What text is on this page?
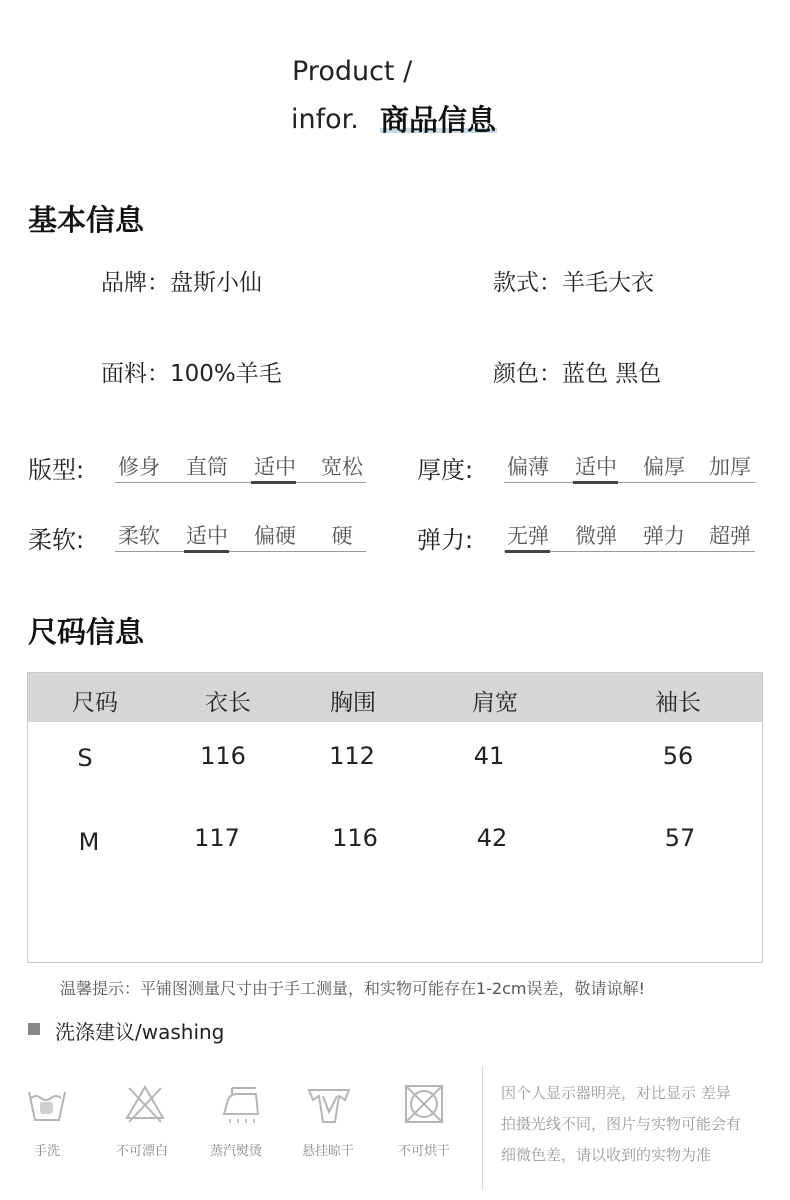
Product /
infor. 商品信息
基本信息
品牌：盘斯小仙	款式：羊毛大衣
面料：100%羊毛	颜色：蓝色 黑色
版型: 修身 直筒 适中 宽松 厚度: 偏薄 适中 偏厚 加厚
柔软: 柔软 适中 偏硬	硬	弹力: 无弹 微弹 弹力 超弹
尺码信息
尺码	衣长	胸围	肩宽	袖长
S	116	112	41	56
M	117	116	42	57
温馨提示：平铺图测量尺寸由于手工测量，和实物可能存在1-2cm误差，敬请谅解!
洗涤建议/washing
手洗	不可漂白	蒸汽熨烫	悬挂晾干	不可烘干
因个人显示器明亮，对比显示 差异
拍摄光线不同，图片与实物可能会有
细微色差，请以收到的实物为准
